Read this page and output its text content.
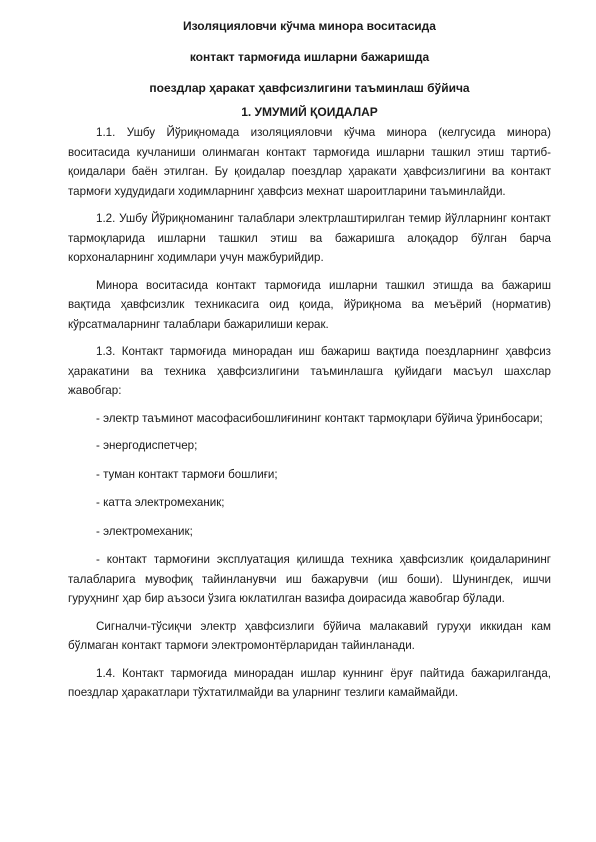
Изоляцияловчи кўчма минора воситасида
контакт тармоғида ишларни бажаришда
поездлар ҳаракат ҳавфсизлигини таъминлаш бўйича
1. УМУМИЙ ҚОИДАЛАР

1.1. Ушбу Йўриқномада изоляцияловчи кўчма минора (келгусида минора) воситасида кучланиши олинмаган контакт тармоғида ишларни ташкил этиш тартиб-қоидалари баён этилган. Бу қоидалар поездлар ҳаракати ҳавфсизлигини ва контакт тармоғи худудидаги ходимларнинг ҳавфсиз мехнат шароитларини таъминлайди.

1.2. Ушбу Йўриқноманинг талаблари электрлаштирилган темир йўлларнинг контакт тармоқларида ишларни ташкил этиш ва бажаришга алоқадор бўлган барча корхоналарнинг ходимлари учун мажбурийдир.

Минора воситасида контакт тармоғида ишларни ташкил этишда ва бажариш вақтида ҳавфсизлик техникасига оид қоида, йўриқнома ва меъёрий (норматив) кўрсатмаларнинг талаблари бажарилиши керак.

1.3. Контакт тармоғида минорадан иш бажариш вақтида поездларнинг ҳавфсиз ҳаракатини ва техника ҳавфсизлигини таъминлашга қуйидаги масъул шахслар жавобгар:

- электр таъминот масофасибошлиғининг контакт тармоқлари бўйича ўринбосари;

- энергодиспетчер;

- туман контакт тармоғи бошлиғи;

- катта электромеханик;

- электромеханик;

- контакт тармоғини эксплуатация қилишда техника ҳавфсизлик қоидаларининг талабларига мувофиқ тайинланувчи иш бажарувчи (иш боши). Шунингдек, ишчи гуруҳнинг ҳар бир аъзоси ўзига юклатилган вазифа доирасида жавобгар бўлади.

Сигналчи-тўсиқчи электр ҳавфсизлиги бўйича малакавий гуруҳи иккидан кам бўлмаган контакт тармоғи электромонтёрларидан тайинланади.

1.4. Контакт тармоғида минорадан ишлар куннинг ёруғ пайтида бажарилганда, поездлар ҳаракатлари тўхтатилмайди ва уларнинг тезлиги камаймайди.
